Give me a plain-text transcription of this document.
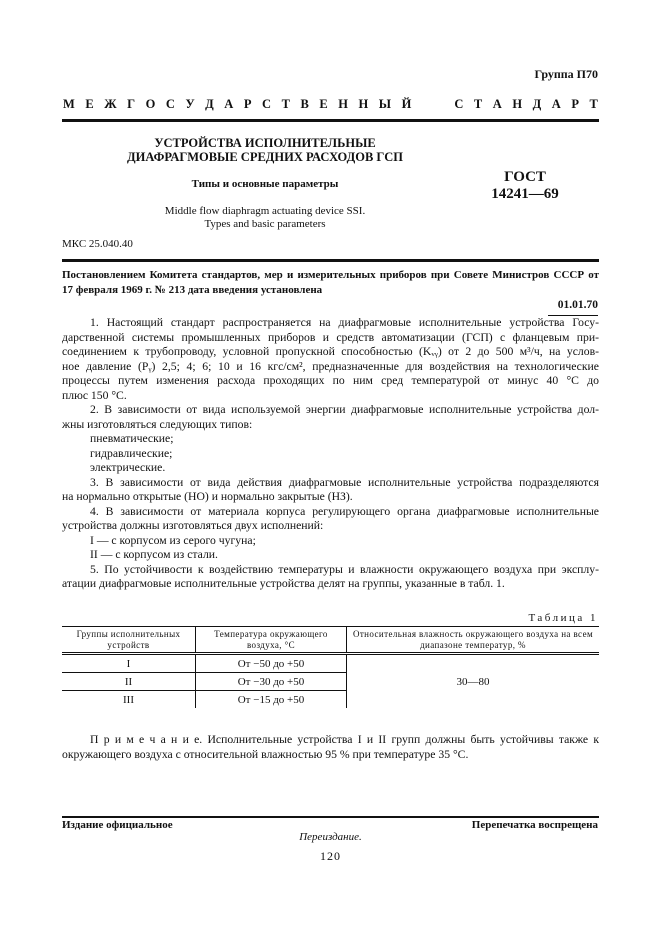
Группа П70
М Е Ж Г О С У Д А Р С Т В Е Н Н Ы Й	С Т А Н Д А Р Т
УСТРОЙСТВА ИСПОЛНИТЕЛЬНЫЕ
ДИАФРАГМОВЫЕ СРЕДНИХ РАСХОДОВ ГСП
Типы и основные параметры
Middle flow diaphragm actuating device SSI.
Types and basic parameters
ГОСТ
14241—69
МКС 25.040.40
Постановлением Комитета стандартов, мер и измерительных приборов при Совете Министров СССР от
17 февраля 1969 г. № 213 дата введения установлена
01.01.70
1. Настоящий стандарт распространяется на диафрагмовые исполнительные устройства Госу-
дарственной системы промышленных приборов и средств автоматизации (ГСП) с фланцевым при-
соединением к трубопроводу, условной пропускной способностью (Kᵥᵧ) от 2 до 500 м³/ч, на услов-
ное давление (Pᵧ) 2,5; 4; 6; 10 и 16 кгс/см², предназначенные для воздействия на технологические
процессы путем изменения расхода проходящих по ним сред температурой от минус 40 °С до
плюс 150 °С.
2. В зависимости от вида используемой энергии диафрагмовые исполнительные устройства дол-
жны изготовляться следующих типов:
пневматические;
гидравлические;
электрические.
3. В зависимости от вида действия диафрагмовые исполнительные устройства подразделяются
на нормально открытые (НО) и нормально закрытые (НЗ).
4. В зависимости от материала корпуса регулирующего органа диафрагмовые исполнительные
устройства должны изготовляться двух исполнений:
I — с корпусом из серого чугуна;
II — с корпусом из стали.
5. По устойчивости к воздействию температуры и влажности окружающего воздуха при эксплу-
атации диафрагмовые исполнительные устройства делят на группы, указанные в табл. 1.
Таблица 1
Группы исполнительных устройств	Температура окружающего воздуха, °С	Относительная влажность окружающего воздуха на всем диапазоне температур, %
I	От −50 до +50	30—80
II	От −30 до +50	
III	От −15 до +50	
П р и м е ч а н и е. Исполнительные устройства I и II групп должны быть устойчивы также к
окружающего воздуха с относительной влажностью 95 % при температуре 35 °С.
Издание официальное	Перепечатка воспрещена
Переиздание.
120
